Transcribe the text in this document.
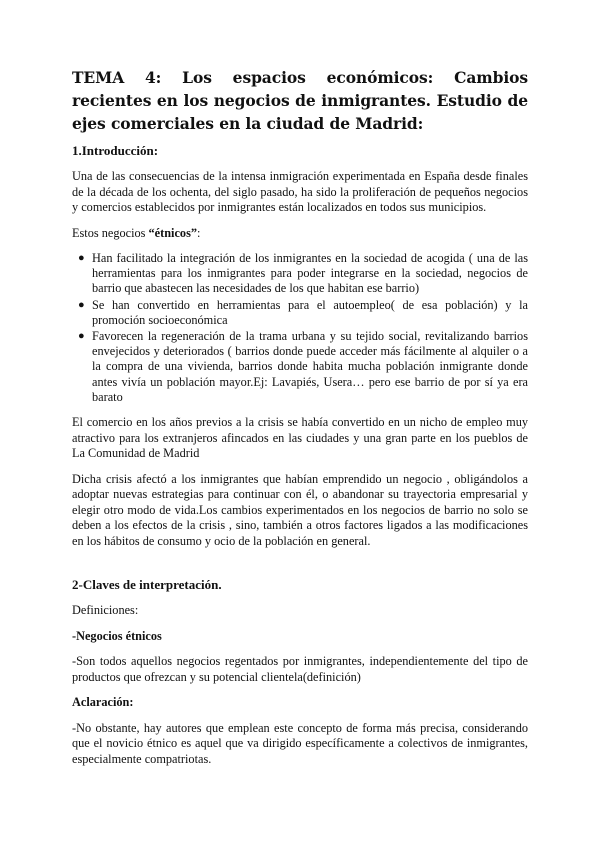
TEMA 4: Los espacios económicos: Cambios recientes en los negocios de inmigrantes. Estudio de ejes comerciales en la ciudad de Madrid:
1.Introducción:

Una de las consecuencias de la intensa inmigración experimentada en España desde finales de la década de los ochenta, del siglo pasado, ha sido la proliferación de pequeños negocios y comercios establecidos por inmigrantes están localizados en todos sus municipios.

Estos negocios “étnicos”:

● Han facilitado la integración de los inmigrantes en la sociedad de acogida ( una de las herramientas para los inmigrantes para poder integrarse en la sociedad, negocios de barrio que abastecen las necesidades de los que habitan ese barrio)
● Se han convertido en herramientas para el autoempleo( de esa población) y la promoción socioeconómica
● Favorecen la regeneración de la trama urbana y su tejido social, revitalizando barrios envejecidos y deteriorados ( barrios donde puede acceder más fácilmente al alquiler o a la compra de una vivienda, barrios donde habita mucha población inmigrante donde antes vivía un población mayor.Ej: Lavapiés, Usera… pero ese barrio de por sí ya era barato

El comercio en los años previos a la crisis se había convertido en un nicho de empleo muy atractivo para los extranjeros afincados en las ciudades y una gran parte en los pueblos de La Comunidad de Madrid

Dicha crisis afectó a los inmigrantes que habían emprendido un negocio , obligándolos a adoptar nuevas estrategias para continuar con él, o abandonar su trayectoria empresarial y elegir otro modo de vida.Los cambios experimentados en los negocios de barrio no solo se deben a los efectos de la crisis , sino, también a otros factores ligados a las modificaciones en los hábitos de consumo y ocio de la población en general.

2-Claves de interpretación.

Definiciones:

-Negocios étnicos

-Son todos aquellos negocios regentados por inmigrantes, independientemente del tipo de productos que ofrezcan y su potencial clientela(definición)

Aclaración:

-No obstante, hay autores que emplean este concepto de forma más precisa, considerando que el novicio étnico es aquel que va dirigido específicamente a colectivos de inmigrantes, especialmente compatriotas.
